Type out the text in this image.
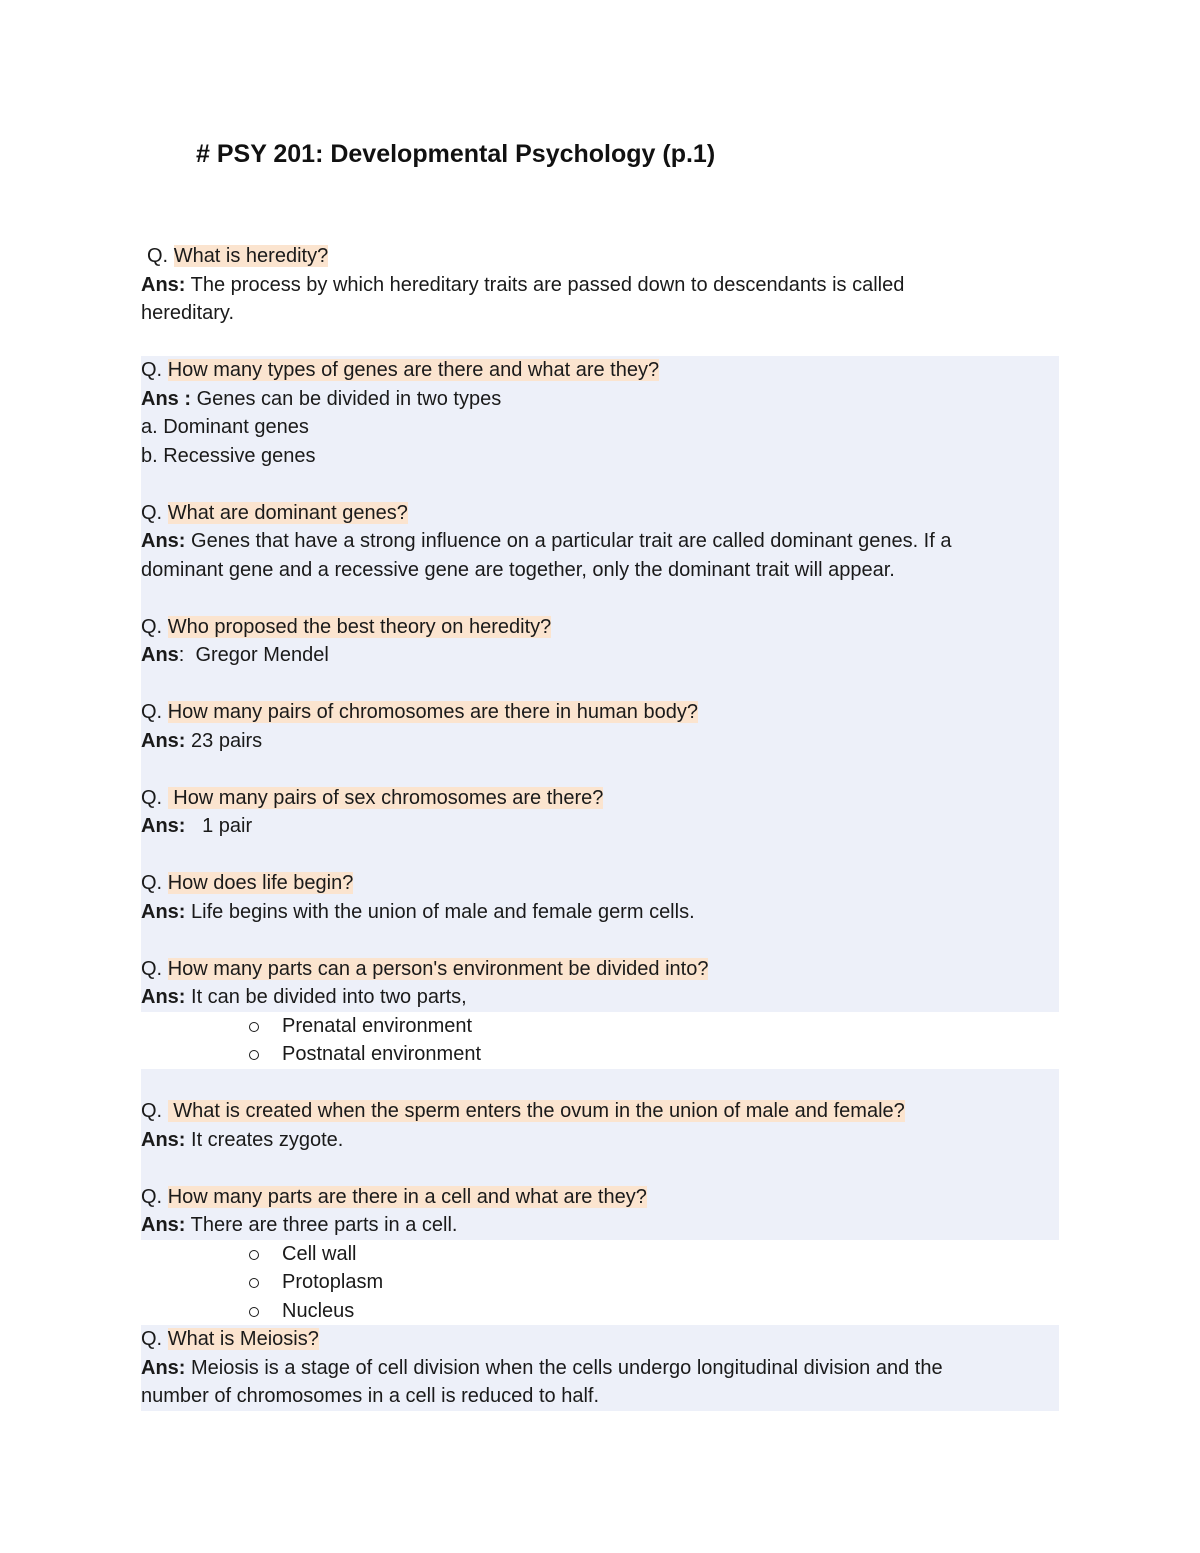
# PSY 201: Developmental Psychology (p.1)
Q. What is heredity?
Ans: The process by which hereditary traits are passed down to descendants is called
hereditary.
Q. How many types of genes are there and what are they?
Ans : Genes can be divided in two types
a. Dominant genes
b. Recessive genes
Q. What are dominant genes?
Ans: Genes that have a strong influence on a particular trait are called dominant genes. If a
dominant gene and a recessive gene are together, only the dominant trait will appear.
Q. Who proposed the best theory on heredity?
Ans:  Gregor Mendel
Q. How many pairs of chromosomes are there in human body?
Ans: 23 pairs
Q.  How many pairs of sex chromosomes are there?
Ans:   1 pair
Q. How does life begin?
Ans: Life begins with the union of male and female germ cells.
Q. How many parts can a person's environment be divided into?
Ans: It can be divided into two parts,
Prenatal environment
Postnatal environment
Q.  What is created when the sperm enters the ovum in the union of male and female?
Ans: It creates zygote.
Q. How many parts are there in a cell and what are they?
Ans: There are three parts in a cell.
Cell wall
Protoplasm
Nucleus
Q. What is Meiosis?
Ans: Meiosis is a stage of cell division when the cells undergo longitudinal division and the
number of chromosomes in a cell is reduced to half.
